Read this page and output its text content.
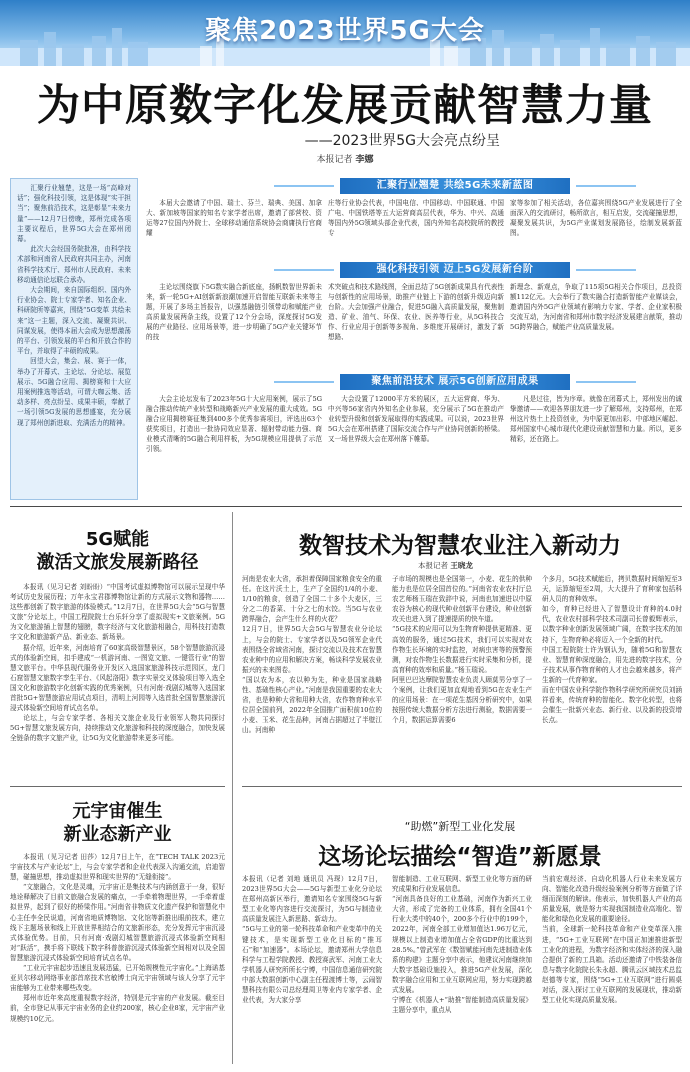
聚焦2023世界5G大会
为中原数字化发展贡献智慧力量
——2023世界5G大会亮点纷呈
本报记者 李娜

汇聚行业翘楚，这是一场“高峰对话”；强化科技引领，这是体现“实干担当”；聚焦前沿技术，这是彰显“未来力量”——12月7日傍晚，郑州完成各项主要议程后，世界5G大会在郑州闭幕。

此次大会经国务院批准，由科学技术部和河南省人民政府共同主办，河南省科学技术厅、郑州市人民政府、未来移动通信论坛联合承办。

大会期间，来自国际组织、国内外行业协会、院士专家学者、知名企业、科研院所等嘉宾，围绕“5G变革 共绘未来”这一主题，深入交流、凝聚共识、同谋发展，使得本届大会成为思想激荡的平台、引领发展的平台和开放合作的平台，并取得了丰硕的成果。

回望大会，集会、展、赛于一体，举办了开幕式、主论坛、分论坛、展览展示、5G融合应用、揭榜赛和十大应用案例推选等活动，可谓大咖云集、活动多样、亮点纷呈、成果丰硕，奉献了一场引领5G发展的思想盛宴，充分展现了郑州创新进取、充满活力的精神。

汇聚行业翘楚 共绘5G未来新蓝图
本届大会邀请了中国、瑞士、芬兰、瑞典、美国、加拿大、新加坡等国家的知名专家学者出席，邀请了部营校、资运等27位国内外院士、全球移动通信系统协会商庸执行官商耀
庄等行业协会代表，中国电信、中国移动、中国联通、中国广电、中国铁塔等五大运营商高层代表，华为、中兴、高通等国内外5G领域头部企业代表，国内外知名高校院所的教授专
家等参加了相关活动，各位嘉宾围绕5G产业发展进行了全面深入的交流研讨，畅所欲言，相互启发，交流碰撞思想，凝聚发展共识，为5G产业谋划发展路径，绘制发展新蓝图。
强化科技引领 迈上5G发展新台阶
主论坛围绕旗下5G数实融合新底座，扬帆数智世界新未来，新一轮5G+AI创新新浪潮加速开启智能互联新未来等主题，开展了多场主旨报告，以强基融链引领带动和赋能产业高质量发展两条主线，设置了12个分会场，深度探讨5G发展的产业路径、应用场景等，进一步明确了5G产业关键环节的技
术突破点和技术路线图，全面总结了5G创新成果具有代表性与创新性的应用场景，助推产业链上下游的创新升级迈向新台阶。大会加强产业融合，促进5G融入高质量发展，聚焦制造、矿业、油气、环保、农业、医养等行业，从5G科技合作、行业应用于创新等多视角、多维度开展研讨，激发了新想路、
新理念、新观点，争取了115项5G相关合作项目，总投资额112亿元。大会举行了数实融合打造新智能产业媒谈会，邀请国内外5G产业领域有影响力专家、学者、企业家积极交流互动，为河南省和郑州市数字经济发展建言献策，推动5G跨界融合，赋能产业高质量发展。
聚焦前沿技术 展示5G创新应用成果
大会主论坛发布了2023年5G十大应用案例，展示了5G融合推动传统产业转型和战略新兴产业发展的重大成效。5G融合应用揭榜赛征集到400多个优秀参赛项目，评选出63个获奖项目，打造出一批协同效应显著、辐射带动能力强、商业模式清晰的5G融合利用样板，为5G规模应用提供了示范引领。
大会设置了12000平方米的展区，五大运营商、华为、中兴等56家省内外知名企业参展，充分展示了5G在推动产业转型升级和创新发展取得的实践成果。可以说，2023世界5G大会在郑州搭建了国际交流合作与产业协同创新的桥梁。又一场世界级大会在郑州落下帷幕。
凡是过往，皆为序章。就像在闭幕式上，郑州发出的诚挚邀请——欢迎各界朋友进一步了解郑州，支持郑州，在郑州这片热土上投资创业，为中原更加出彩、中部地区崛起、郑州国家中心城市现代化建设贡献智慧和力量。所以，更多精彩，还在路上。
5G赋能
激活文旅发展新路径

本报讯（见习记者 刘盼盼）“中国考试虚拟博物馆可以展示呈现中华考试历史发展历程；万年永宝君郡博物馆让新的方式展示文物和器物……这些都创新了数字旅游的体验模式。”12月7日，在世界5G大会“5G与智慧文旅”分论坛上，中国工程院院士台乐轩分享了虚拟现实+文旅案例。5G为文化旅游插上智慧的翅膀，数字经济与文化旅游相融合，用科技打造数字文化和旅游新产品、新业态、新场景。

据介绍，近年来，河南培育了60家高级智慧景区，58个智慧旅游沉浸式的体验新空间，扣手建成“一机游河南、一图览文旅、一键管行业”的智慧文旅平台。中华县现代服务业开发区入选国家旅游科技示范园区，龙门石窟智慧文旅数字孪生平台、《风起洛阳》数字实景交叉体验项目等入选全国文化和旅游数字化创新实践的优秀案例，只有河南·戏剧幻城等入选国家首批5G+智慧旅游应用试点项目，清明上河园等入选首批全国智慧旅游沉浸式体验新空间培育试点名单。

论坛上，与会专家学者、各相关文旅企业及行业领军人物共同探讨5G+智慧文旅发展方向，持续推动文化旅游和科技的深度融合，加快发展全链条的数字文旅产业，让5G为文化旅游带来更多可能。

元宇宙催生
新业态新产业

本报讯（见习记者 田莎）12月7日上午，在“TECH TALK 2023元宇宙技术与产业论坛”上，与会专家学者和企业代表深入沟通交流，启迪智慧，碰撞思想，推动虚拟世界和现实世界的“无缝衔接”。

“文旅融合，文化是灵魂，元宇宙正是集技术与内涵创意于一身，很好地诠释解决了目前文旅融合发展的痛点，一手牵着物理世界，一手牵着虚拟世界，起到了很好的桥梁作用。”河南省非物质文化遗产保护和智慧化中心主任李全民说道，河南省地质博物馆、文化馆等新推出眼前技术，建立线下主题场景和线上开放世界相结合的文旅新形态，充分发挥元宇宙沉浸式体验优势。目前，只有河南·戏剧幻城智慧旅游沉浸式体验新空间相对“跃活”，携手将下联线下数字科普旅游沉浸式体验新空间相对以及全国智慧旅游沉浸式体验新空间培育试点名单。

“工业元宇宙起步迅速且发展迅猛，已开始规模性元宇宙化。”上海诺基亚贝尔移动网络事业部首席技术官敏博士向元宇宙领域与该人分享了元宇宙能够为工业带来哪些改变。

郑州市近年来高度重视数字经济，特别是元宇宙的产业发展。截至目前，全市登记从事元宇宙业务的企业约200家，核心企业8家，元宇宙产业规模约10亿元。

数智技术为智慧农业注入新动力
本报记者 王晓龙
河南是农业大省，承担着保障国家粮食安全的重任。在这片沃土上，生产了全国约1/4的小麦、1/10的粮食，创造了全国二十多个大麦区，三分之二的香菜、十分之七的水饺。当5G与农业跨界融合，会产生什么样的火花？
12月7日，世界5G大会5G与智慧农业分论坛上，与会的院士、专家学者以及5G领军企业代表围绕全省域省河南，探讨交流以及技术在智慧农业种中的应用和解决方案，畅谈科学发展农业振兴的未来图卷。
“国以农为本，农以种为先，种业是国家战略性、基础性核心产业。”河南是我国重要的农业大省，也是种种大省和用种大省，农作物育种水平位居全国前列，2022年全国推广面积前10位的小麦、玉米、花生品种，河南占据超过了半壁江山。河南种
子市场的规模也是全国第一，小麦、花生的供种能力也是位居全国首位的。”河南省农业农村厅总农艺师杨玉瑞在致辞中说，河南也加速进以中原农谷为核心的现代种业创新平台建设，种业创新攻关也进入到了提速提质的快车道。
“5G技术的应用可以为生物育种提供更精准、更高效的服务，通过5G技术，我们可以实现对农作物生长环境的实时监控，对病虫害等的预警预测，对农作物生长数据进行实时采集和分析，提高育种的效率和质量。”杨玉瑞说。
阿里巴巴达摩院智慧农业负责人顾莫男分享了一个案例，让我们更加直观地看到5G在农业生产的应用场景：在一项花生基因分析研究中，如果按照传统大数据分析方法进行测验，数据需要一个月，数据运算需要6
个多月，5G技术赋能后，拷贝数据时间缩短至3天，运算缩短至2周，大大提升了育种家包括科研人员的育种效率。
如今，育种已经进入了智慧设计育种的4.0时代，农业农村部科学技术司副司长曾毅辉表示，以数字种业创新发展领域广阔，在数字技术的加持下，生物育种必将迈入一个全新的时代。
中国工程院院士许为钢认为，随着5G和智慧农业、智慧育种深度融合，用先进的数字技术，分子技术从事作物育种的人才也会越来越多，将产生新的一代育种家。
而在中国农业科学院作物科学研究所研究员刘涵祥看来，传统育种的智能化、数字化转型，也将会催生一批新兴业态、新行业、以及新的投资增长点。
“助燃”新型工业化发展
这场论坛描绘“智造”新愿景
本报讯（记者 刘地 通讯员 冯琛）12月7日，2023世界5G大会——5G与新型工业化分论坛在郑州高新区举行，邀请知名专家围绕5G与新型工业化等内容进行交流探讨，为5G与制造业高质量发展注入新思路、新动力。
“5G与工业的第一轮科技革命和产业变革中的关键技术，是实现新型工业化目标的“推耳石”和“加速器”。本场论坛，邀请郑州大学信息科学与工程学院教授、教授赛武军、河南工业大学机器人研究所所长宁博，中国信息通信研究院中部大数据创新中心副主任程渡博士等，云闹智慧科技有限公司总经理周卫等业内专家学者、企业代表，为大家分享
智能制造、工业互联网、新型工业化等方面的研究成果和行业发展信息。
“河南具备良好的工业基础，河南作为新兴工业大省，形成了完备的工业体系，拥有全国41个行业大类中的40个，200多个行业中的199个，2022年，河南全部工业增加值达1.96万亿元，规模以上制造业增加值占全省GDP的比重达到28.5%。”曾武军在《数智赋能河南先进制造业体系的构建》主题分享中表示，他建议河南继续加大数字基础设施投入，推进5G产业发展，深化数字融合应用和工业互联网应用，努力实现跨越式发展。
宁博在《机器人+“助推”智能制造高质量发展》主题分享中，重点从
当前宏观经济、自动化机器人行业未来发展方向、智能化改造升级经验案例分析等方面做了详细而深刻的解读。他表示，加快机器人产业的高质量发展，就是努力实现我国制造业高端化、智能化和绿色化发展的重要途径。
当前，全球新一轮科技革命和产业变革深入推进，“5G+工业互联网”在中国正加速推进新型工业化的进程，为数字经济和实体经济的深入融合提供了新的工具箱。活动还邀请了中铁装备信息与数字化院院长朱永超、腾讯云区域技术总监赵德等专家，围绕“5G+工业互联网”进行圆桌对话，深入探讨工业互联网的发展现状，推动新型工业化实现高质量发展。
